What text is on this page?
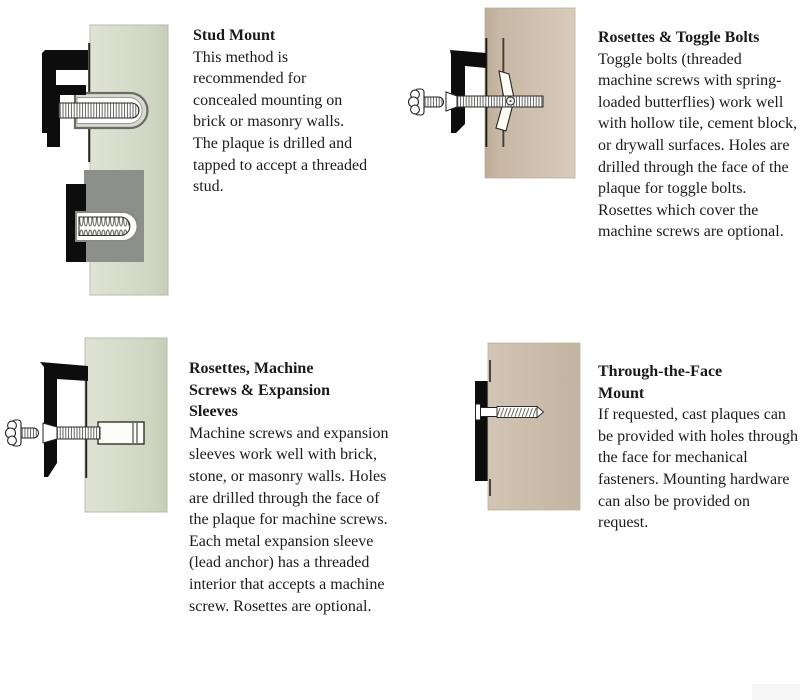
Stud Mount

This method is recommended for concealed mounting on brick or masonry walls. The plaque is drilled and tapped to accept a threaded stud.

Rosettes & Toggle Bolts

Toggle bolts (threaded machine screws with spring-loaded butterflies) work well with hollow tile, cement block, or drywall surfaces. Holes are drilled through the face of the plaque for toggle bolts. Rosettes which cover the machine screws are optional.

Rosettes, Machine Screws & Expansion Sleeves

Machine screws and expansion sleeves work well with brick, stone, or masonry walls. Holes are drilled through the face of the plaque for machine screws. Each metal expansion sleeve (lead anchor) has a threaded interior that accepts a machine screw. Rosettes are optional.

Through-the-Face Mount

If requested, cast plaques can be provided with holes through the face for mechanical fasteners. Mounting hardware can also be provided on request.
